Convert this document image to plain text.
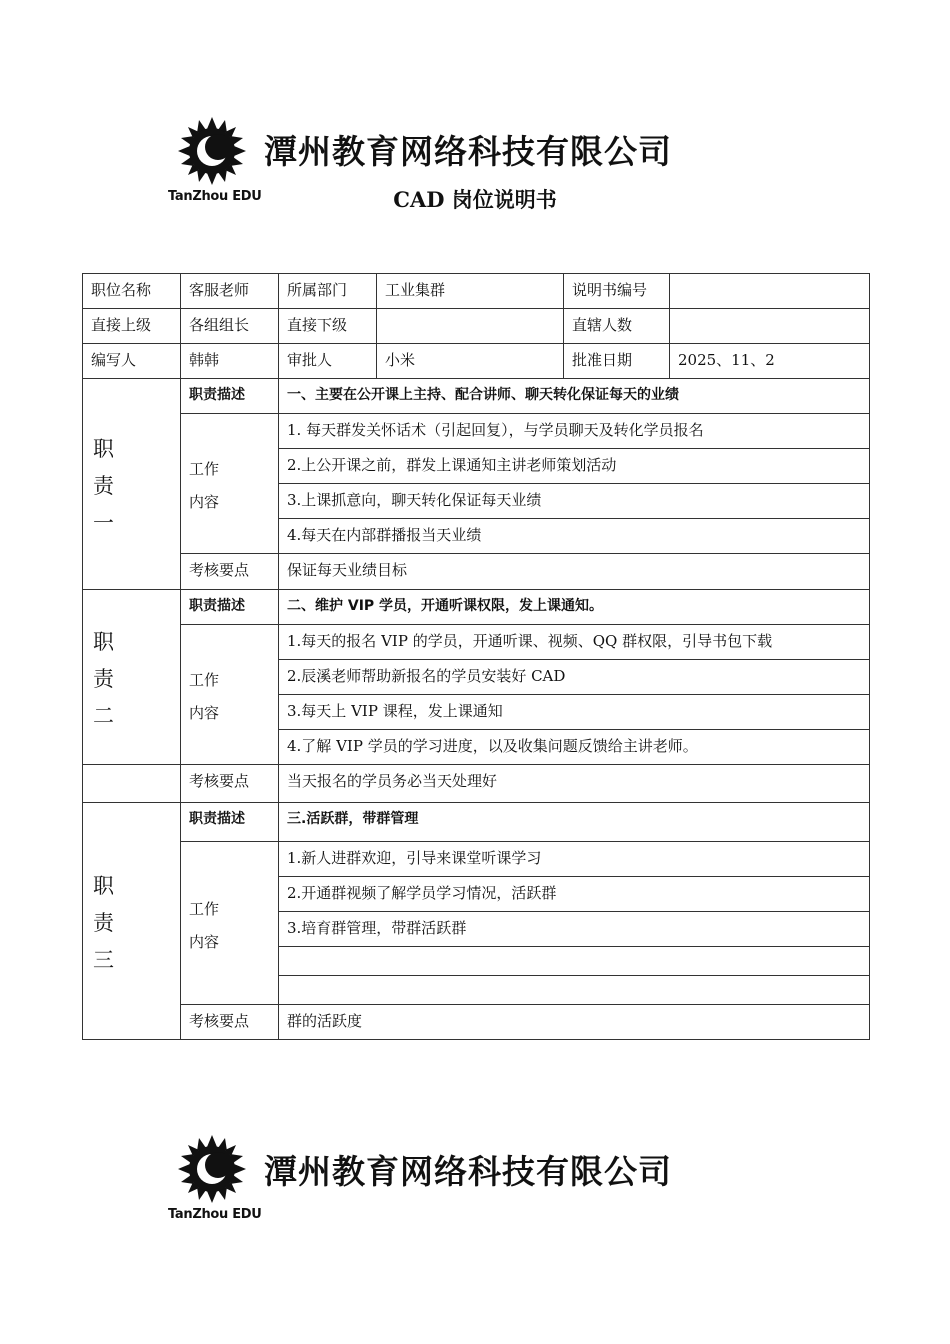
TanZhou EDU
潭州教育网络科技有限公司
CAD 岗位说明书
职位名称	客服老师	所属部门	工业集群	说明书编号	
直接上级	各组组长	直接下级		直辖人数	
编写人	韩韩	审批人	小米	批准日期	2025、11、2

职责一	职责描述	一、主要在公开课上主持、配合讲师、聊天转化保证每天的业绩			

	工作内容	1. 每天群发关怀话术（引起回复），与学员聊天及转化学员报名			
		2.上公开课之前，群发上课通知主讲老师策划活动			
		3.上课抓意向，聊天转化保证每天业绩			
		4.每天在内部群播报当天业绩			
	考核要点	保证每天业绩目标			

职责二	职责描述	二、维护 VIP 学员，开通听课权限，发上课通知。			

	工作内容	1.每天的报名 VIP 的学员，开通听课、视频、QQ 群权限，引导书包下载			
		2.辰溪老师帮助新报名的学员安装好 CAD			
		3.每天上 VIP 课程，发上课通知			
		4.了解 VIP 学员的学习进度，以及收集问题反馈给主讲老师。			
	考核要点	当天报名的学员务必当天处理好			

职责三	职责描述	三.活跃群，带群管理			

	工作内容	1.新人进群欢迎，引导来课堂听课学习			
		2.开通群视频了解学员学习情况，活跃群			
		3.培育群管理，带群活跃群			

	考核要点	群的活跃度			
TanZhou EDU
潭州教育网络科技有限公司
